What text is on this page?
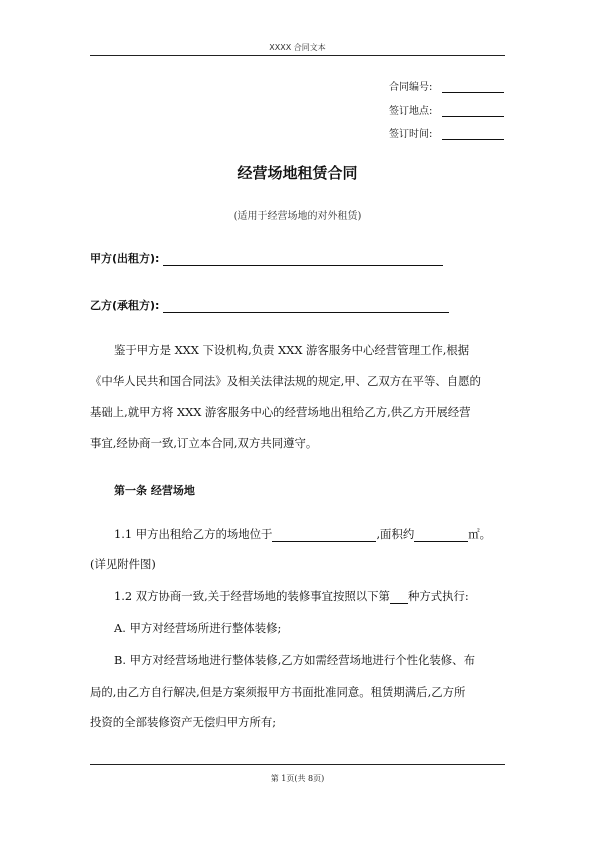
XXXX 合同文本
合同编号:
签订地点:
签订时间:
经营场地租赁合同
(适用于经营场地的对外租赁)
甲方(出租方):
乙方(承租方):
鉴于甲方是 XXX 下设机构,负责 XXX 游客服务中心经营管理工作,根据
《中华人民共和国合同法》及相关法律法规的规定,甲、乙双方在平等、自愿的
基础上,就甲方将 XXX 游客服务中心的经营场地出租给乙方,供乙方开展经营
事宜,经协商一致,订立本合同,双方共同遵守。
第一条 经营场地
1.1 甲方出租给乙方的场地位于	,面积约	㎡。
(详见附件图)
1.2 双方协商一致,关于经营场地的装修事宜按照以下第 种方式执行:
A. 甲方对经营场所进行整体装修;
B. 甲方对经营场地进行整体装修,乙方如需经营场地进行个性化装修、布
局的,由乙方自行解决,但是方案须报甲方书面批准同意。租赁期满后,乙方所
投资的全部装修资产无偿归甲方所有;
第 1页(共 8页)
